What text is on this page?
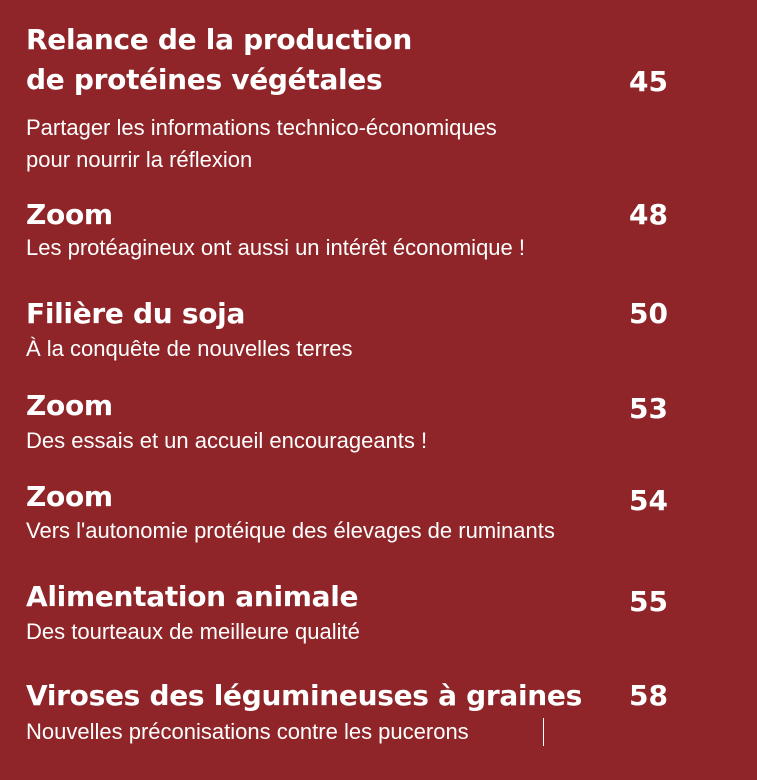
Relance de la production
de protéines végétales

Partager les informations technico-économiques
pour nourrir la réflexion

45

Zoom

Les protéagineux ont aussi un intérêt économique !

48

Filière du soja

À la conquête de nouvelles terres

50

Zoom

Des essais et un accueil encourageants !

53

Zoom

Vers l'autonomie protéique des élevages de ruminants

54

Alimentation animale

Des tourteaux de meilleure qualité

55

Viroses des légumineuses à graines

Nouvelles préconisations contre les pucerons

58
